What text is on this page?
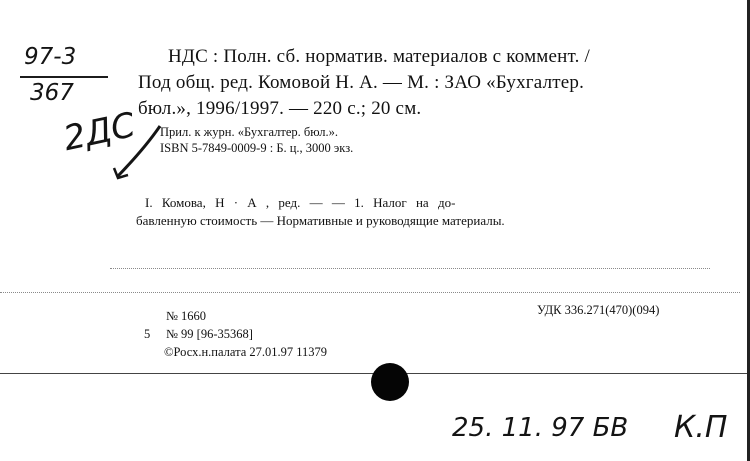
97-3
367
2ДС
НДС : Полн. сб. норматив. материалов с коммент. /
Под общ. ред. Комовой Н. А. — М. : ЗАО «Бухгалтер.
бюл.», 1996/1997. — 220 с.; 20 см.
Прил. к журн. «Бухгалтер. бюл.».
ISBN 5-7849-0009-9 : Б. ц., 3000 экз.
I. Комова, Н · А , ред. — — 1. Налог на до-
бавленную стоимость — Нормативные и руководящие материалы.
№ 1660	УДК 336.271(470)(094)
5 № 99 [96-35368]
©Росх.н.палата 27.01.97 11379
25. 11. 97 БВ К.П
